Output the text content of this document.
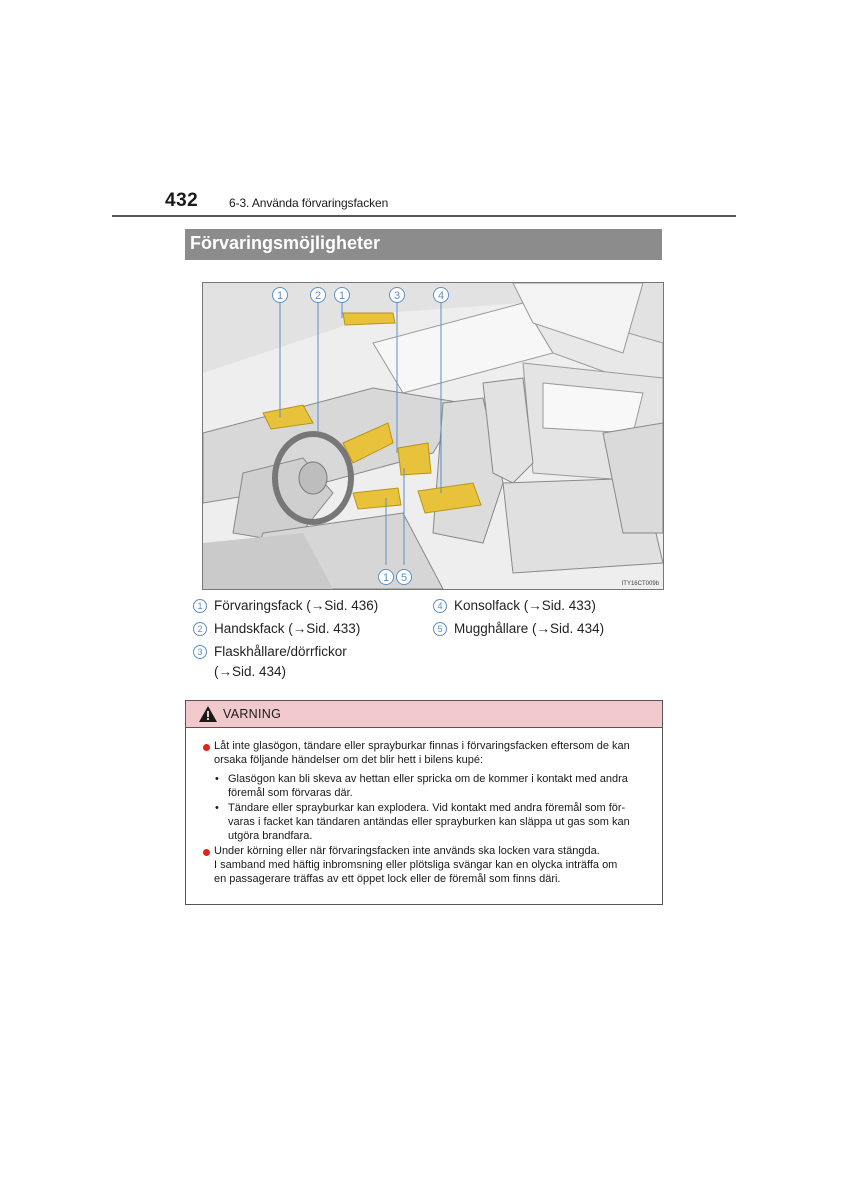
432	6-3. Använda förvaringsfacken
Förvaringsmöjligheter
1	2 1	3	4
1 5	ITY16CT009b
1 Förvaringsfack (→Sid. 436)
2 Handskfack (→Sid. 433)
3 Flaskhållare/dörrfickor
(→Sid. 434)
4 Konsolfack (→Sid. 433)
5 Mugghållare (→Sid. 434)
VARNING
Låt inte glasögon, tändare eller sprayburkar finnas i förvaringsfacken eftersom de kan
orsaka följande händelser om det blir hett i bilens kupé:
• Glasögon kan bli skeva av hettan eller spricka om de kommer i kontakt med andra
föremål som förvaras där.
• Tändare eller sprayburkar kan explodera. Vid kontakt med andra föremål som för-
varas i facket kan tändaren antändas eller sprayburken kan släppa ut gas som kan
utgöra brandfara.
Under körning eller när förvaringsfacken inte används ska locken vara stängda.
I samband med häftig inbromsning eller plötsliga svängar kan en olycka inträffa om
en passagerare träffas av ett öppet lock eller de föremål som finns däri.
